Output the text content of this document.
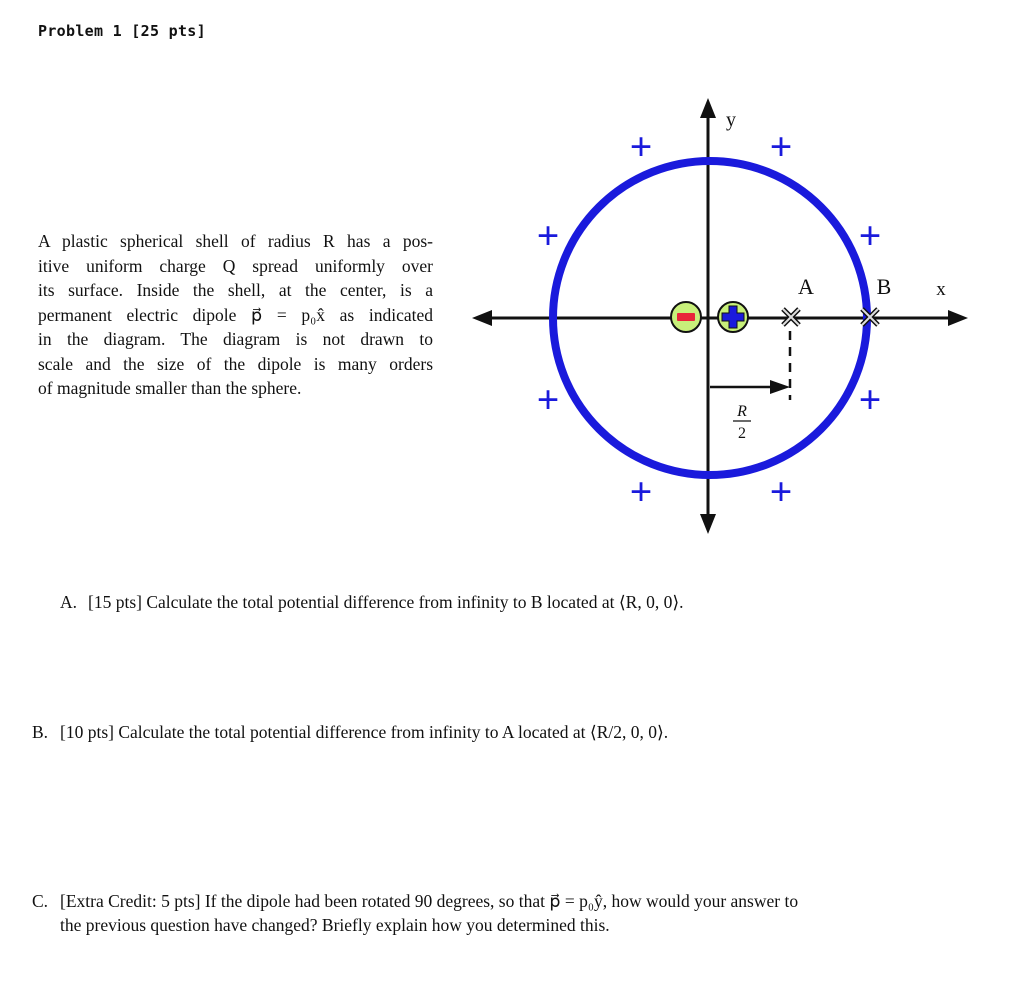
Problem 1 [25 pts]
A plastic spherical shell of radius R has a pos-
itive uniform charge Q spread uniformly over
its surface. Inside the shell, at the center, is a
permanent electric dipole p⃗ = p₀x̂ as indicated
in the diagram. The diagram is not drawn to
scale and the size of the dipole is many orders
of magnitude smaller than the sphere.
+	+
+	+
+	+
+	+
y
x
A	B
R
2
A. [15 pts] Calculate the total potential difference from infinity to B located at ⟨R, 0, 0⟩.
B. [10 pts] Calculate the total potential difference from infinity to A located at ⟨R/2, 0, 0⟩.
C. [Extra Credit: 5 pts] If the dipole had been rotated 90 degrees, so that p⃗ = p₀ŷ, how would your answer to
the previous question have changed? Briefly explain how you determined this.
